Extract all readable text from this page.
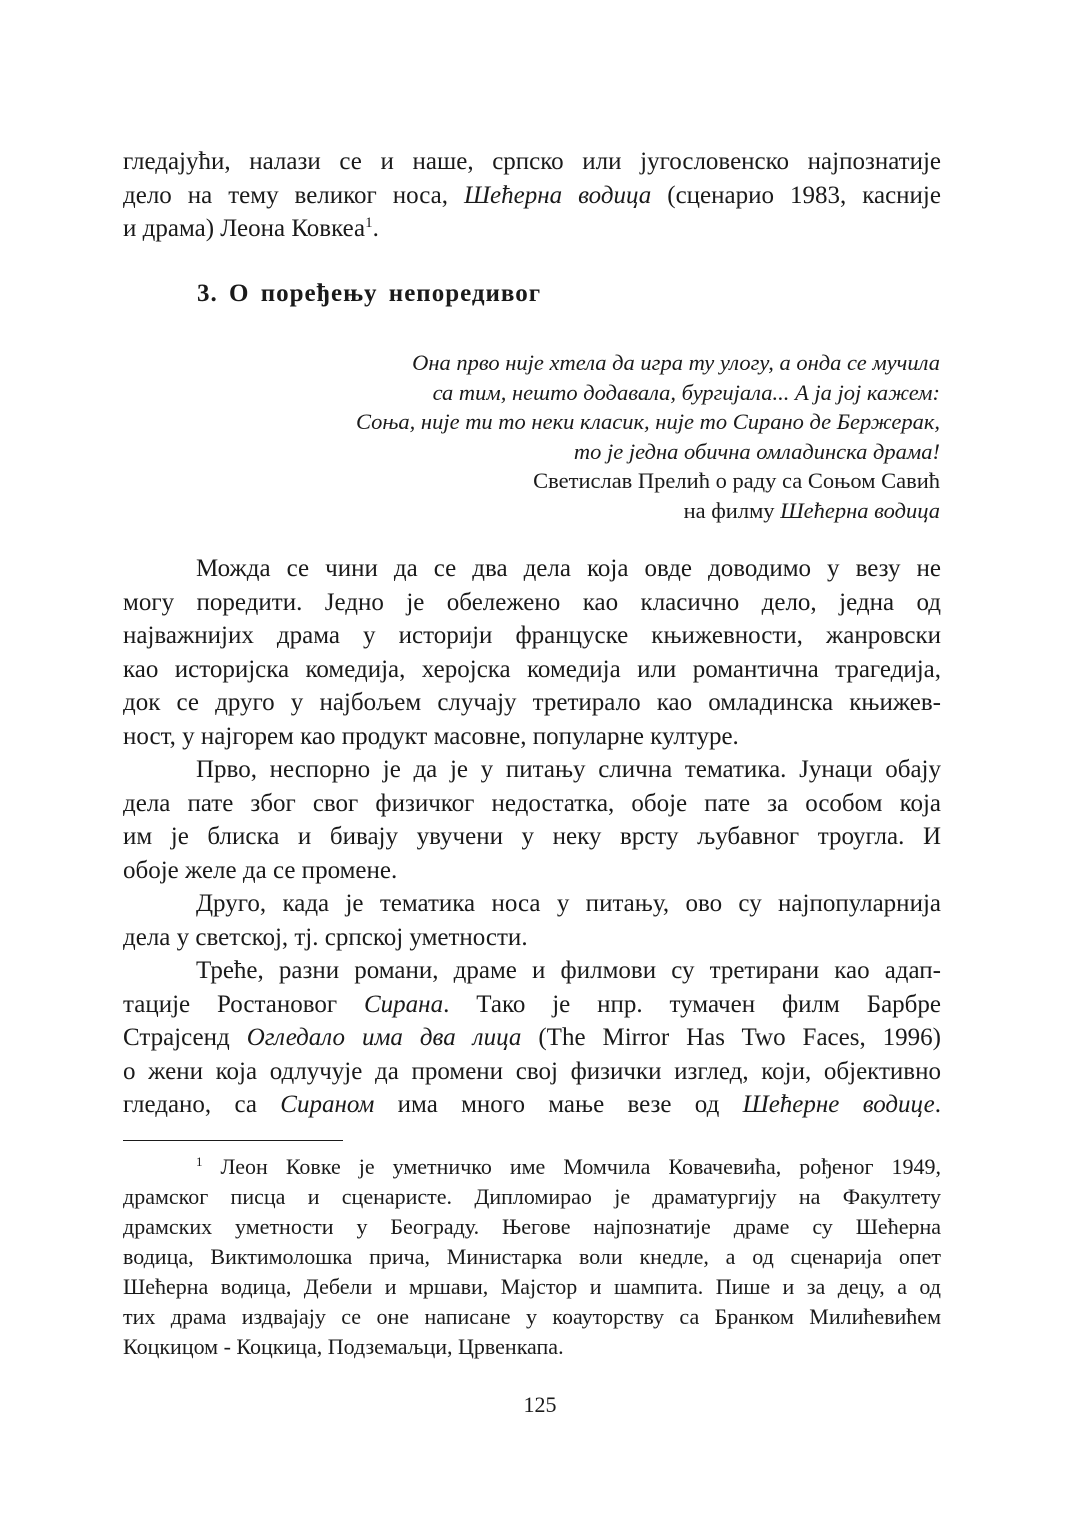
гледајући, налази се и наше, српско или југословенско најпознатије
дело на тему великог носа, Шећерна водица (сценарио 1983, касније
и драма) Леона Ковкеа$^1$.
3. О поређењу непоредивог
Она прво није хтела да игра ту улогу, а онда се мучила
са тим, нешто додавала, бургијала... А ја јој кажем:
Соња, није ти то неки класик, није то Сирано де Бержерак,
то је једна обична омладинска драма!
Светислав Прелић о раду са Соњом Савић
на филму Шећерна водица
Можда се чини да се два дела која овде доводимо у везу не
могу поредити. Једно је обележено као класично дело, једна од
најважнијих драма у историји француске књижевности, жанровски
као историјска комедија, херојска комедија или романтична трагедија,
док се друго у најбољем случају третирало као омладинска књижев-
ност, у најгорем као продукт масовне, популарне културе.
Прво, неспорно је да је у питању слична тематика. Јунаци обају
дела пате због свог физичког недостатка, обоје пате за особом која
им је блиска и бивају увучени у неку врсту љубавног троугла. И
обоје желе да се промене.
Друго, када је тематика носа у питању, ово су најпопуларнија
дела у светској, тј. српској уметности.
Треће, разни романи, драме и филмови су третирани као адап-
тације Ростановог Сирана. Тако је нпр. тумачен филм Барбре
Страјсенд Огледало има два лица (The Mirror Has Two Faces, 1996)
о жени која одлучује да промени свој физички изглед, који, објективно
гледано, са Сираном има много мање везе од Шећерне водице.
$^1$ Леон Ковке је уметничко име Момчила Ковачевића, рођеног 1949,
драмског писца и сценаристе. Дипломирао је драматургију на Факултету
драмских уметности у Београду. Његове најпознатије драме су Шећерна
водица, Виктимолошка прича, Министарка воли кнедле, а од сценарија опет
Шећерна водица, Дебели и мршави, Мајстор и шампита. Пише и за децу, а од
тих драма издвајају се оне написане у коауторству са Бранком Милићевићем
Коцкицом - Коцкица, Подземаљци, Црвенкапа.

125
